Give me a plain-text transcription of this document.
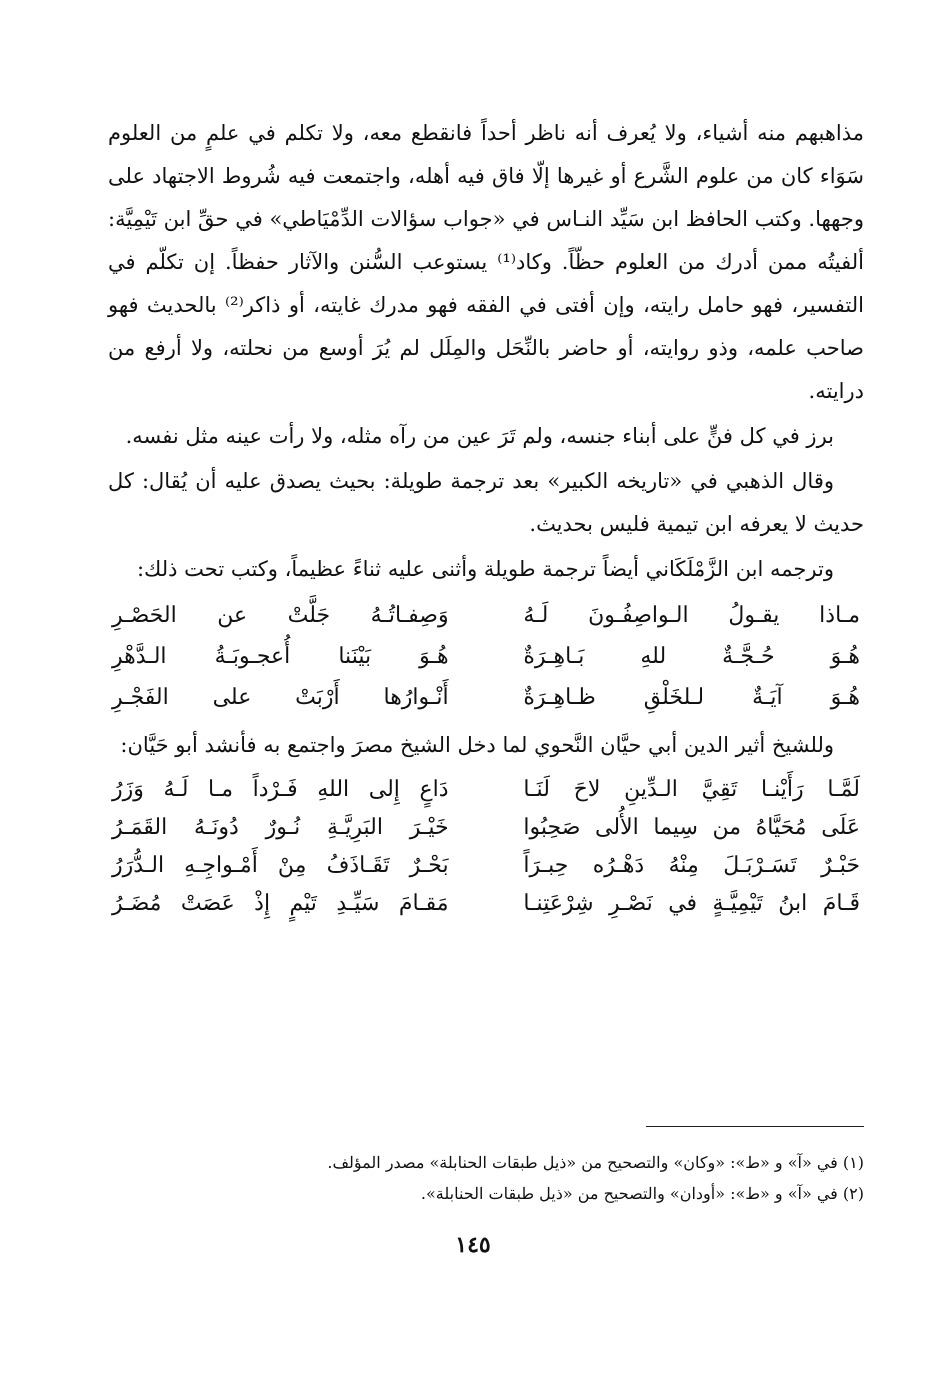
مذاهبهم منه أشياء، ولا يُعرف أنه ناظر أحداً فانقطع معه، ولا تكلم في علمٍ من العلوم سَوَاء كان من علوم الشَّرع أو غيرها إلّا فاق فيه أهله، واجتمعت فيه شُروط الاجتهاد على وجهها. وكتب الحافظ ابن سَيِّد النـاس في «جواب سؤالات الدِّمْيَاطي» في حقِّ ابن تَيْمِيَّة: ألفيتُه ممن أدرك من العلوم حظّاً. وكاد⁽¹⁾ يستوعب السُّنن والآثار حفظاً. إن تكلّم في التفسير، فهو حامل رايته، وإن أفتى في الفقه فهو مدرك غايته، أو ذاكر⁽²⁾ بالحديث فهو صاحب علمه، وذو روايته، أو حاضر بالنِّحَل والمِلَل لم يُرَ أوسع من نحلته، ولا أرفع من درايته.

برز في كل فنٍّ على أبناء جنسه، ولم تَرَ عين من رآه مثله، ولا رأت عينه مثل نفسه.

وقال الذهبي في «تاريخه الكبير» بعد ترجمة طويلة: بحيث يصدق عليه أن يُقال: كل حديث لا يعرفه ابن تيمية فليس بحديث.

وترجمه ابن الزَّمْلَكَاني أيضاً ترجمة طويلة وأثنى عليه ثناءً عظيماً، وكتب تحت ذلك:

مـاذا يقـولُ الـواصِفُـونَ لَـهُ
وَصِفـاتُـهُ جَلَّتْ عن الحَصْـرِ
هُـوَ حُـجَّـةٌ للهِ بَـاهِـرَةٌ
هُـوَ بَيْنَنا أُعجـوبَـةُ الـدَّهْرِ
هُـوَ آيَـةٌ لـلخَلْقِ ظـاهِـرَةٌ
أَنْـوارُها أَرْبَتْ على الفَجْـرِ

وللشيخ أثير الدين أبي حيَّان النَّحوي لما دخل الشيخ مصرَ واجتمع به فأنشد أبو حَيَّان:

لَمَّـا رَأَيْنـا تَقِيَّ الـدِّينِ لاحَ لَنَـا
دَاعٍ إِلى اللهِ فَـرْداً مـا لَـهُ وَزَرُ
عَلَى مُحَيَّاهُ من سِيما الأُلى صَحِبُوا
خَيْـرَ البَرِيَّـةِ نُـورٌ دُونَـهُ القَمَـرُ
حَبْـرٌ تَسَـرْبَـلَ مِنْهُ دَهْـرُه حِبـرَاً
بَحْـرٌ تَقَـاذَفُ مِنْ أَمْـواجِـهِ الـدُّرَرُ
قَـامَ ابنُ تَيْمِيَّـةٍ في نَصْـرِ شِرْعَتِنـا
مَقـامَ سَيِّـدِ تَيْمٍ إِذْ عَصَتْ مُضَـرُ

(١) في «آ» و «ط»: «وكان» والتصحيح من «ذيل طبقات الحنابلة» مصدر المؤلف.

(٢) في «آ» و «ط»: «أودان» والتصحيح من «ذيل طبقات الحنابلة».

١٤٥
